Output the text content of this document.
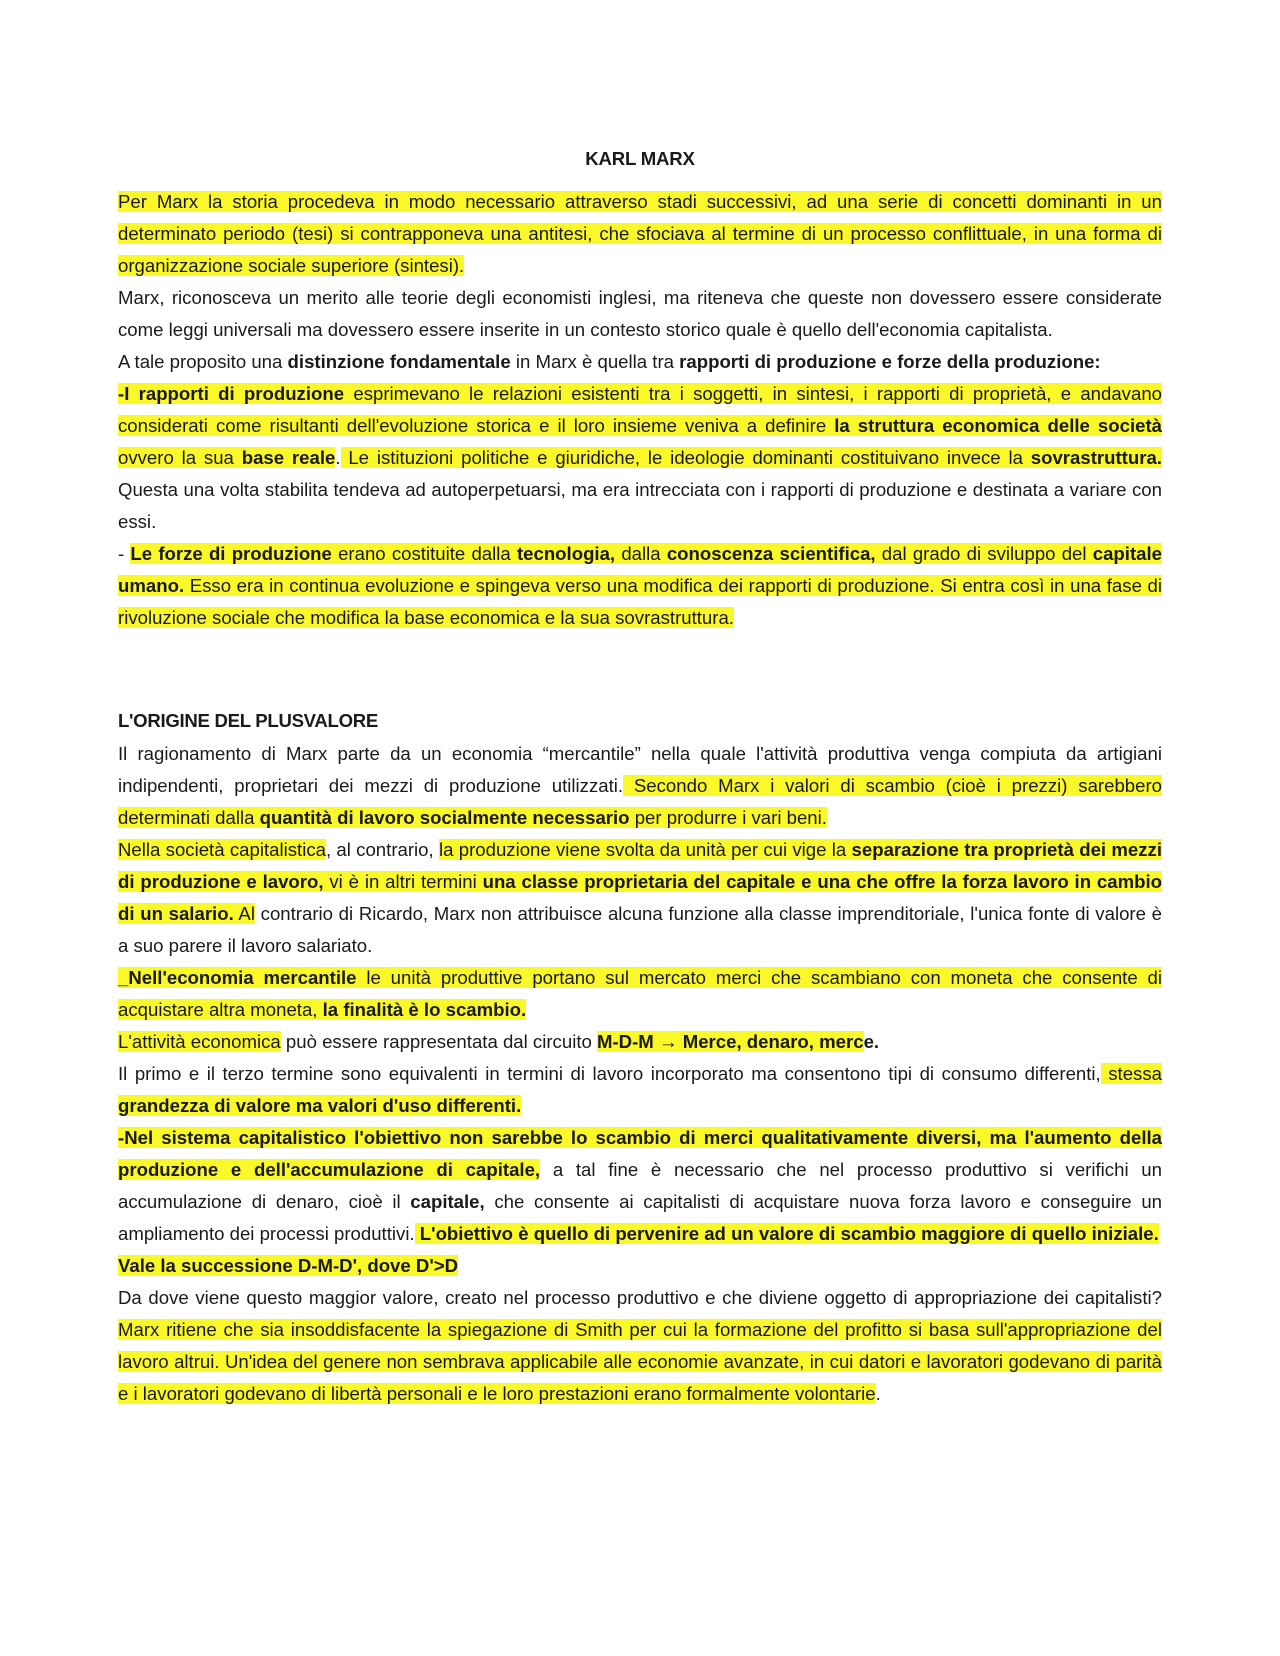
KARL MARX
Per Marx la storia procedeva in modo necessario attraverso stadi successivi, ad una serie di concetti dominanti in un determinato periodo (tesi) si contrapponeva una antitesi, che sfociava al termine di un processo conflittuale, in una forma di organizzazione sociale superiore (sintesi).
Marx, riconosceva un merito alle teorie degli economisti inglesi, ma riteneva che queste non dovessero essere considerate come leggi universali ma dovessero essere inserite in un contesto storico quale è quello dell'economia capitalista.
A tale proposito una distinzione fondamentale in Marx è quella tra rapporti di produzione e forze della produzione:
-I rapporti di produzione esprimevano le relazioni esistenti tra i soggetti, in sintesi, i rapporti di proprietà, e andavano considerati come risultanti dell'evoluzione storica e il loro insieme veniva a definire la struttura economica delle società ovvero la sua base reale. Le istituzioni politiche e giuridiche, le ideologie dominanti costituivano invece la sovrastruttura. Questa una volta stabilita tendeva ad autoperpetuarsi, ma era intrecciata con i rapporti di produzione e destinata a variare con essi.
- Le forze di produzione erano costituite dalla tecnologia, dalla conoscenza scientifica, dal grado di sviluppo del capitale umano. Esso era in continua evoluzione e spingeva verso una modifica dei rapporti di produzione. Si entra così in una fase di rivoluzione sociale che modifica la base economica e la sua sovrastruttura.
L'ORIGINE DEL PLUSVALORE
Il ragionamento di Marx parte da un economia “mercantile” nella quale l'attività produttiva venga compiuta da artigiani indipendenti, proprietari dei mezzi di produzione utilizzati. Secondo Marx i valori di scambio (cioè i prezzi) sarebbero determinati dalla quantità di lavoro socialmente necessario per produrre i vari beni.
Nella società capitalistica, al contrario, la produzione viene svolta da unità per cui vige la separazione tra proprietà dei mezzi di produzione e lavoro, vi è in altri termini una classe proprietaria del capitale e una che offre la forza lavoro in cambio di un salario. Al contrario di Ricardo, Marx non attribuisce alcuna funzione alla classe imprenditoriale, l'unica fonte di valore è a suo parere il lavoro salariato.
_Nell'economia mercantile le unità produttive portano sul mercato merci che scambiano con moneta che consente di acquistare altra moneta, la finalità è lo scambio.
L'attività economica può essere rappresentata dal circuito M-D-M → Merce, denaro, merce.
Il primo e il terzo termine sono equivalenti in termini di lavoro incorporato ma consentono tipi di consumo differenti, stessa grandezza di valore ma valori d'uso differenti.
-Nel sistema capitalistico l'obiettivo non sarebbe lo scambio di merci qualitativamente diversi, ma l'aumento della produzione e dell'accumulazione di capitale, a tal fine è necessario che nel processo produttivo si verifichi un accumulazione di denaro, cioè il capitale, che consente ai capitalisti di acquistare nuova forza lavoro e conseguire un ampliamento dei processi produttivi. L'obiettivo è quello di pervenire ad un valore di scambio maggiore di quello iniziale.
Vale la successione D-M-D', dove D'>D
Da dove viene questo maggior valore, creato nel processo produttivo e che diviene oggetto di appropriazione dei capitalisti? Marx ritiene che sia insoddisfacente la spiegazione di Smith per cui la formazione del profitto si basa sull'appropriazione del lavoro altrui. Un'idea del genere non sembrava applicabile alle economie avanzate, in cui datori e lavoratori godevano di parità e i lavoratori godevano di libertà personali e le loro prestazioni erano formalmente volontarie.
